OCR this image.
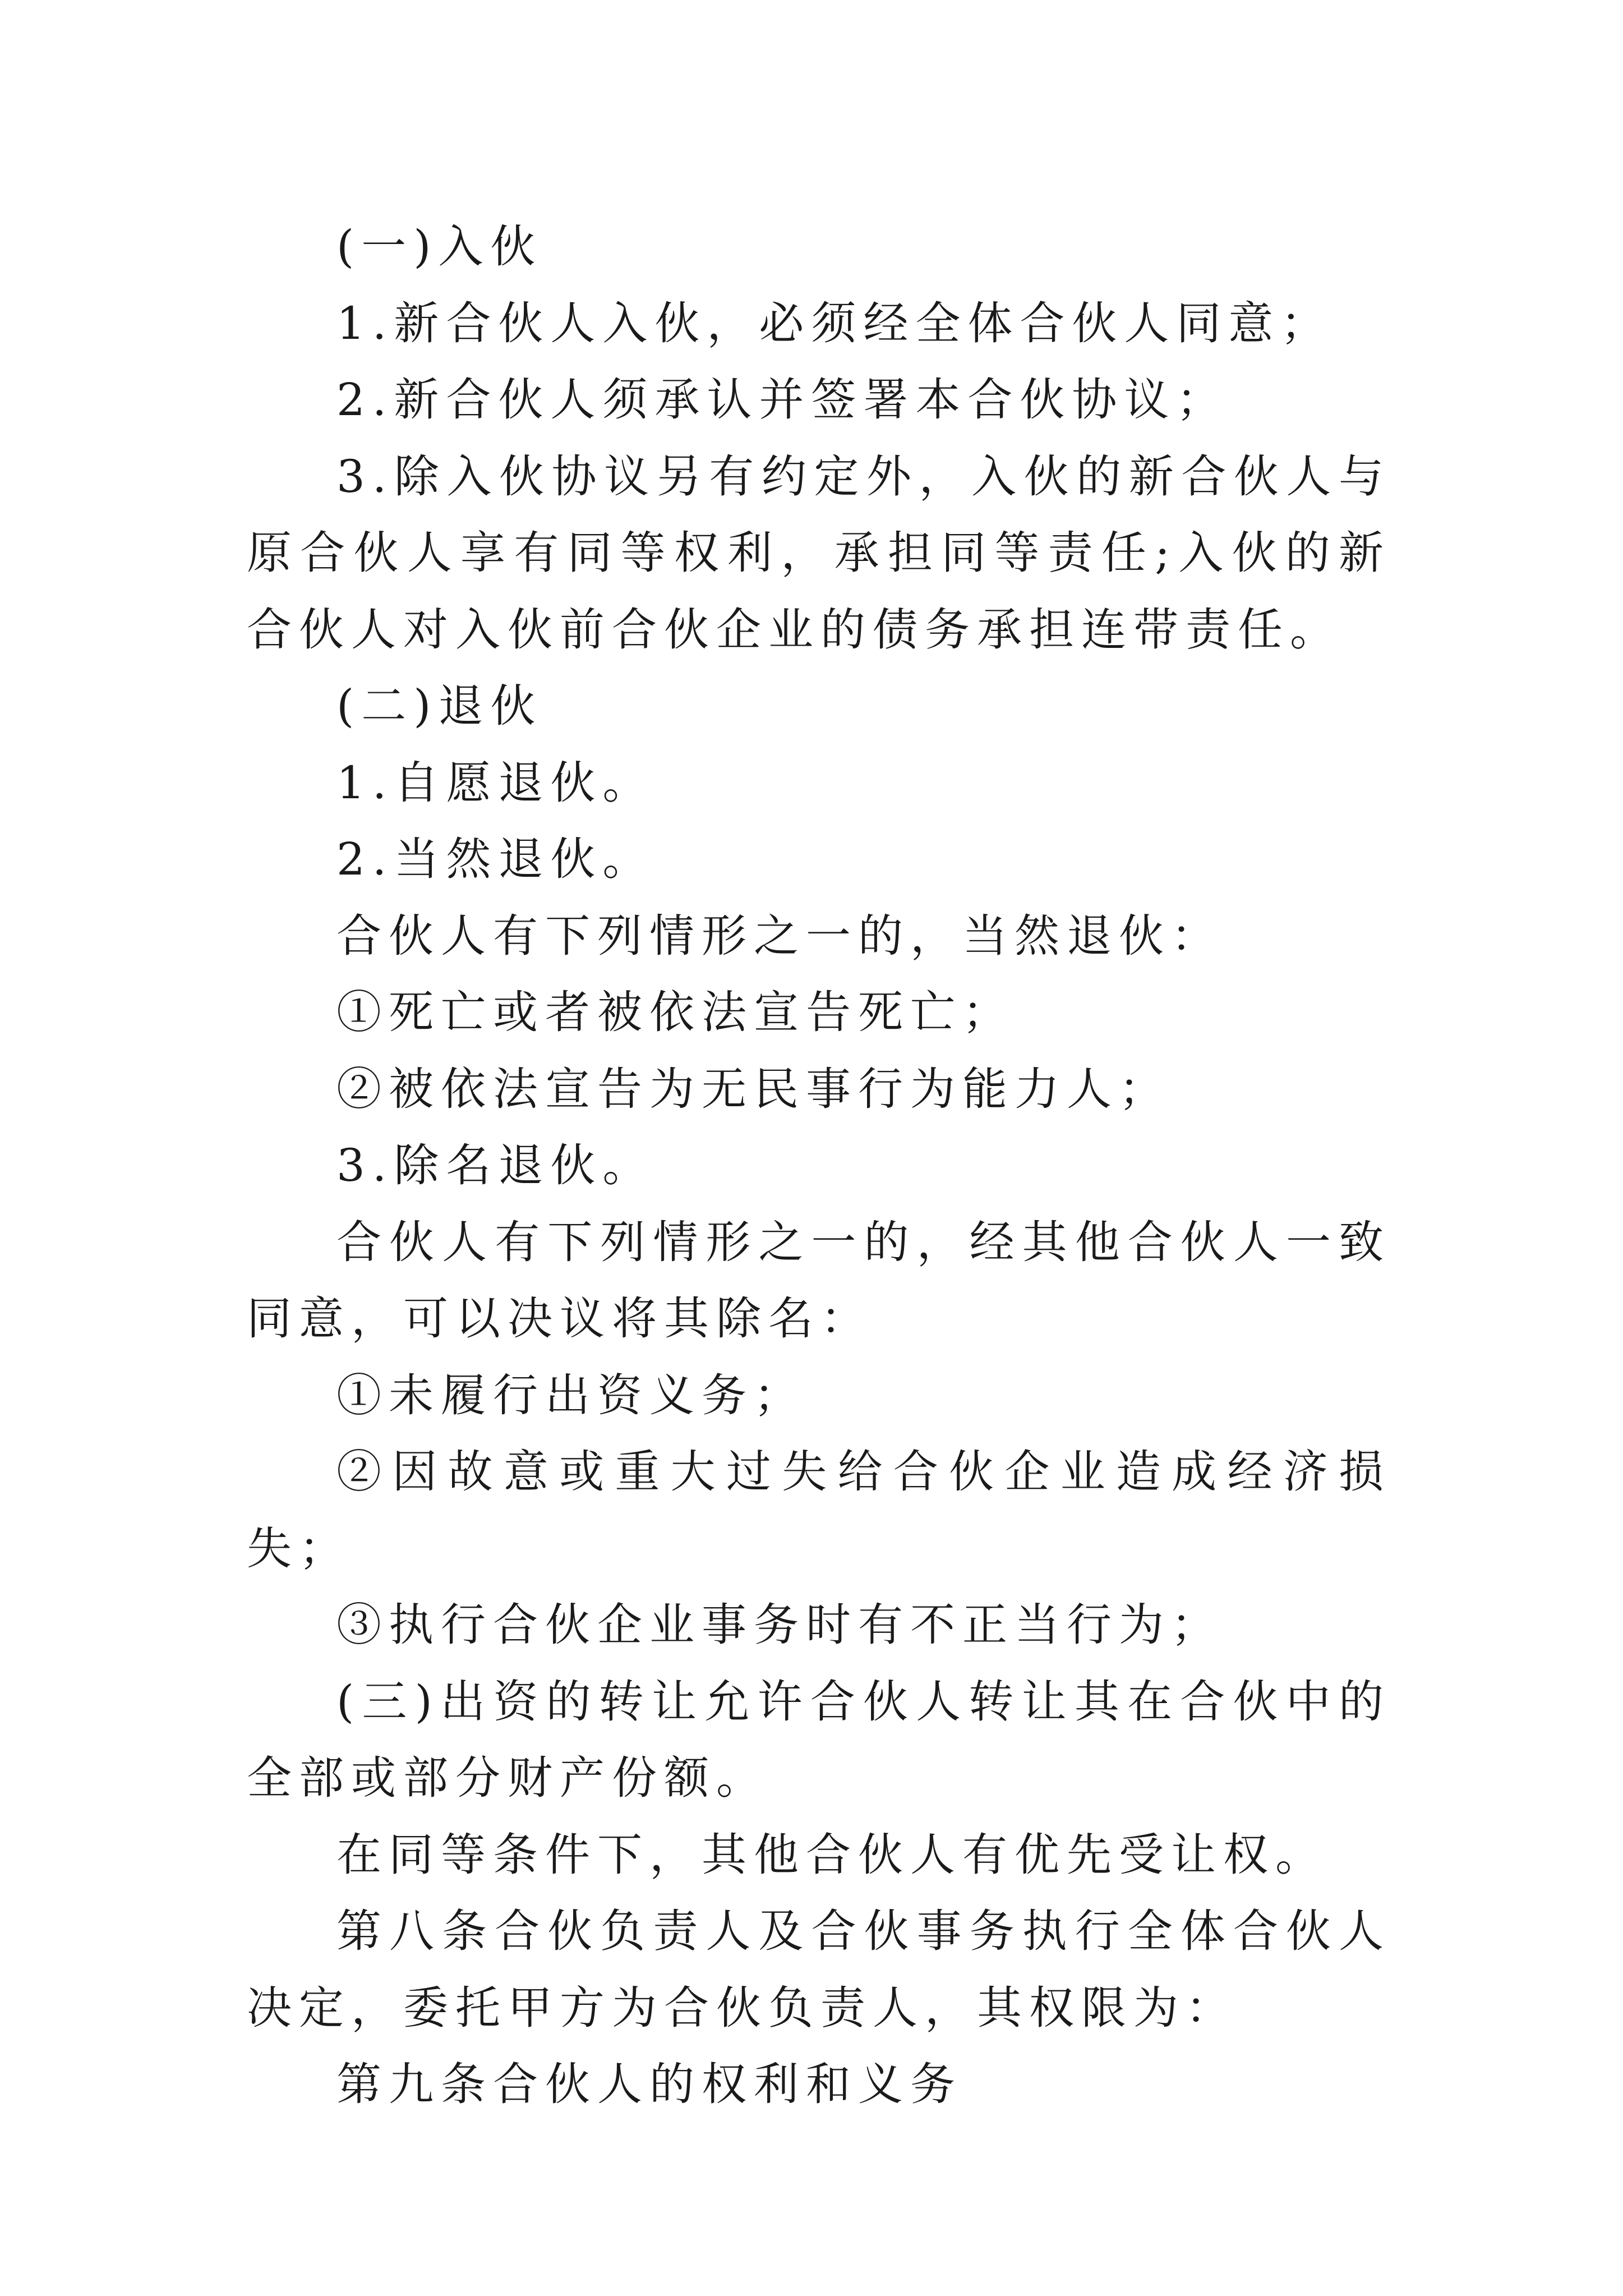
(一)入伙

1.新合伙人入伙，必须经全体合伙人同意；

2.新合伙人须承认并签署本合伙协议；

3.除入伙协议另有约定外，入伙的新合伙人与原合伙人享有同等权利，承担同等责任;入伙的新合伙人对入伙前合伙企业的债务承担连带责任。

(二)退伙

1.自愿退伙。

2.当然退伙。

合伙人有下列情形之一的，当然退伙：

①死亡或者被依法宣告死亡；

②被依法宣告为无民事行为能力人；

3.除名退伙。

合伙人有下列情形之一的，经其他合伙人一致同意，可以决议将其除名：

①未履行出资义务；

②因故意或重大过失给合伙企业造成经济损失；

③执行合伙企业事务时有不正当行为；

(三)出资的转让允许合伙人转让其在合伙中的全部或部分财产份额。

在同等条件下，其他合伙人有优先受让权。

第八条合伙负责人及合伙事务执行全体合伙人决定，委托甲方为合伙负责人，其权限为：

第九条合伙人的权利和义务
